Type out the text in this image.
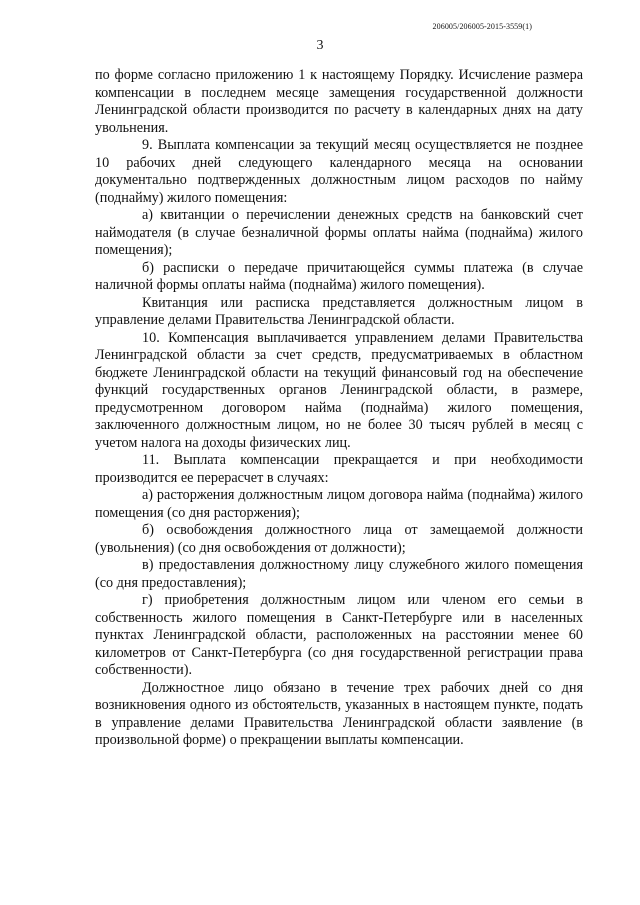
206005/206005-2015-3559(1)
3

по форме согласно приложению 1 к настоящему Порядку. Исчисление размера компенсации в последнем месяце замещения государственной должности Ленинградской области производится по расчету в календарных днях на дату увольнения.

9. Выплата компенсации за текущий месяц осуществляется не позднее 10 рабочих дней следующего календарного месяца на основании документально подтвержденных должностным лицом расходов по найму (поднайму) жилого помещения:

а) квитанции о перечислении денежных средств на банковский счет наймодателя (в случае безналичной формы оплаты найма (поднайма) жилого помещения);

б) расписки о передаче причитающейся суммы платежа (в случае наличной формы оплаты найма (поднайма) жилого помещения).

Квитанция или расписка представляется должностным лицом в управление делами Правительства Ленинградской области.

10. Компенсация выплачивается управлением делами Правительства Ленинградской области за счет средств, предусматриваемых в областном бюджете Ленинградской области на текущий финансовый год на обеспечение функций государственных органов Ленинградской области, в размере, предусмотренном договором найма (поднайма) жилого помещения, заключенного должностным лицом, но не более 30 тысяч рублей в месяц с учетом налога на доходы физических лиц.

11. Выплата компенсации прекращается и при необходимости производится ее перерасчет в случаях:

а) расторжения должностным лицом договора найма (поднайма) жилого помещения (со дня расторжения);

б) освобождения должностного лица от замещаемой должности (увольнения) (со дня освобождения от должности);

в) предоставления должностному лицу служебного жилого помещения (со дня предоставления);

г) приобретения должностным лицом или членом его семьи в собственность жилого помещения в Санкт-Петербурге или в населенных пунктах Ленинградской области, расположенных на расстоянии менее 60 километров от Санкт-Петербурга (со дня государственной регистрации права собственности).

Должностное лицо обязано в течение трех рабочих дней со дня возникновения одного из обстоятельств, указанных в настоящем пункте, подать в управление делами Правительства Ленинградской области заявление (в произвольной форме) о прекращении выплаты компенсации.
